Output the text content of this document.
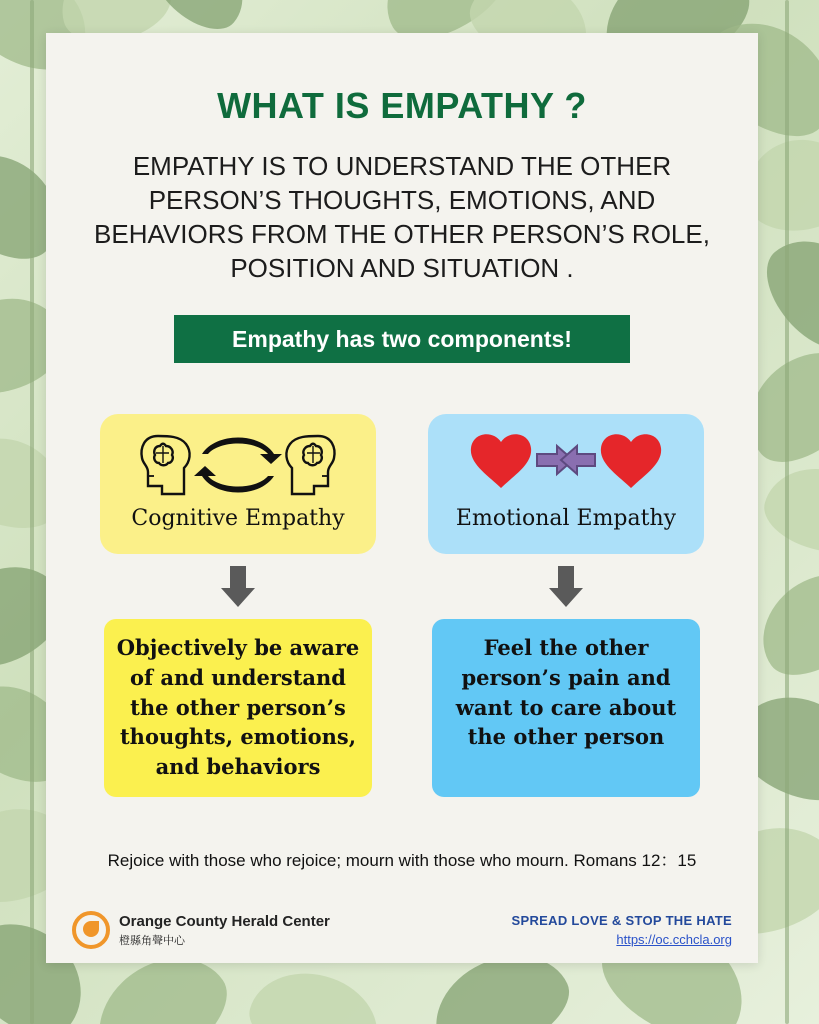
WHAT IS EMPATHY ?
EMPATHY IS TO UNDERSTAND THE OTHER PERSON’S THOUGHTS, EMOTIONS, AND BEHAVIORS FROM THE OTHER PERSON’S ROLE, POSITION AND SITUATION .
Empathy has two components!
Cognitive Empathy
Objectively be aware of and understand the other person’s thoughts, emotions, and behaviors
Emotional Empathy
Feel the other person’s pain and want to care about the other person
Rejoice with those who rejoice; mourn with those who mourn. Romans 12：15
Orange County Herald Center
橙縣角聲中心
SPREAD LOVE & STOP THE HATE
https://oc.cchcla.org
